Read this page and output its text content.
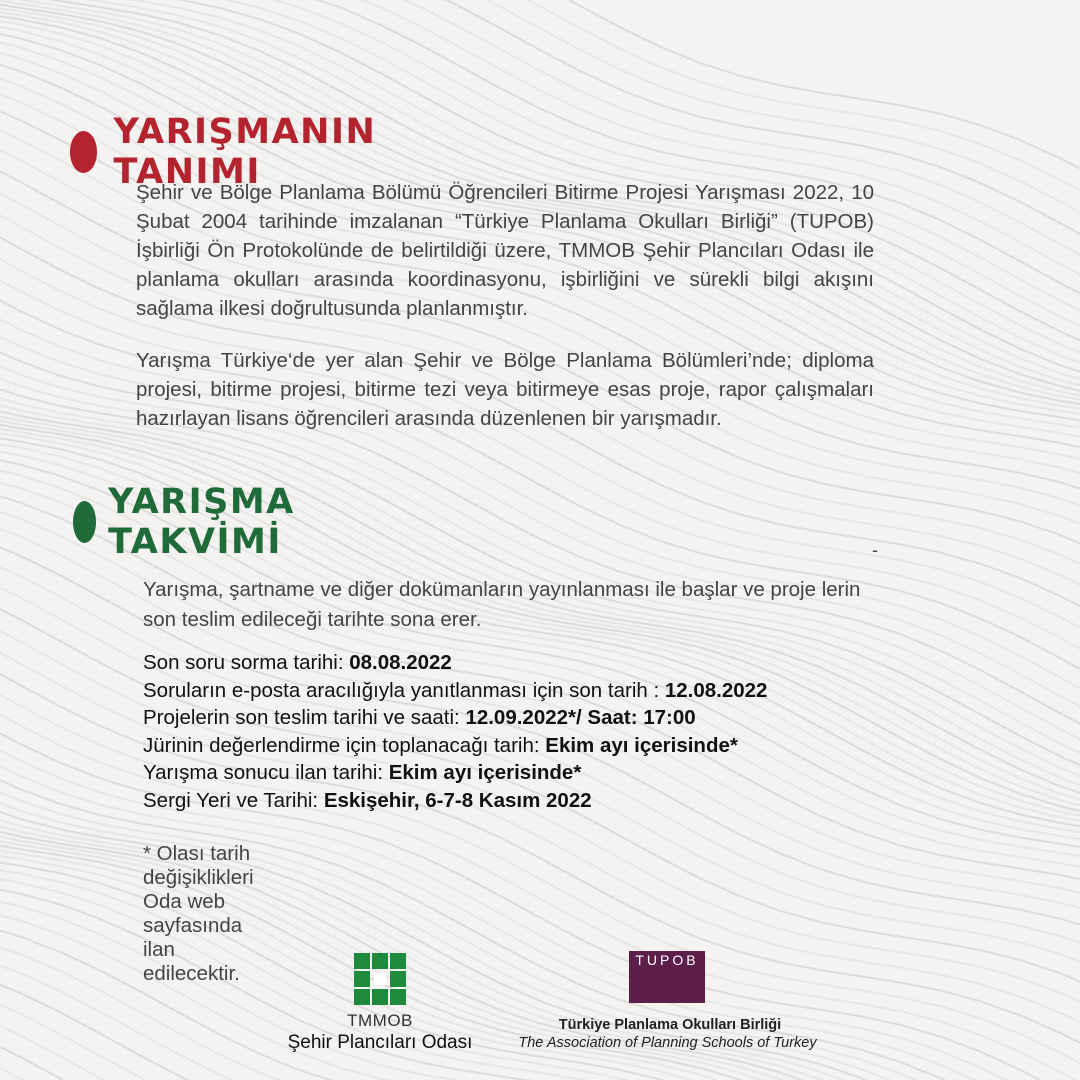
YARIŞMANIN TANIMI
Şehir ve Bölge Planlama Bölümü Öğrencileri Bitirme Projesi Yarışması 2022, 10 Şubat 2004 tarihinde imzalanan “Türkiye Planlama Okulları Birliği” (TUPOB) İşbirliği Ön Protokolünde de belirtildiği üzere, TMMOB Şehir Plancıları Odası ile planlama okulları arasında koordinasyonu, işbirliğini ve sürekli bilgi akışını sağlama ilkesi doğrultusunda planlanmıştır.
Yarışma Türkiye‘de yer alan Şehir ve Bölge Planlama Bölümleri’nde; diploma projesi, bitirme projesi, bitirme tezi veya bitirmeye esas proje, rapor çalışmaları hazırlayan lisans öğrencileri arasında düzenlenen bir yarışmadır.
YARIŞMA TAKVİMİ	-
Yarışma, şartname ve diğer dokümanların yayınlanması ile başlar ve proje lerin son teslim edileceği tarihte sona erer.
Son soru sorma tarihi: 08.08.2022
Soruların e-posta aracılığıyla yanıtlanması için son tarih : 12.08.2022
Projelerin son teslim tarihi ve saati: 12.09.2022*/ Saat: 17:00
Jürinin değerlendirme için toplanacağı tarih: Ekim ayı içerisinde*
Yarışma sonucu ilan tarihi: Ekim ayı içerisinde*
Sergi Yeri ve Tarihi: Eskişehir, 6-7-8 Kasım 2022
* Olası tarih değişiklikleri Oda web sayfasında ilan edilecektir.
TMMOB
Şehir Plancıları Odası
TUPOB
Türkiye Planlama Okulları Birliği
The Association of Planning Schools of Turkey
